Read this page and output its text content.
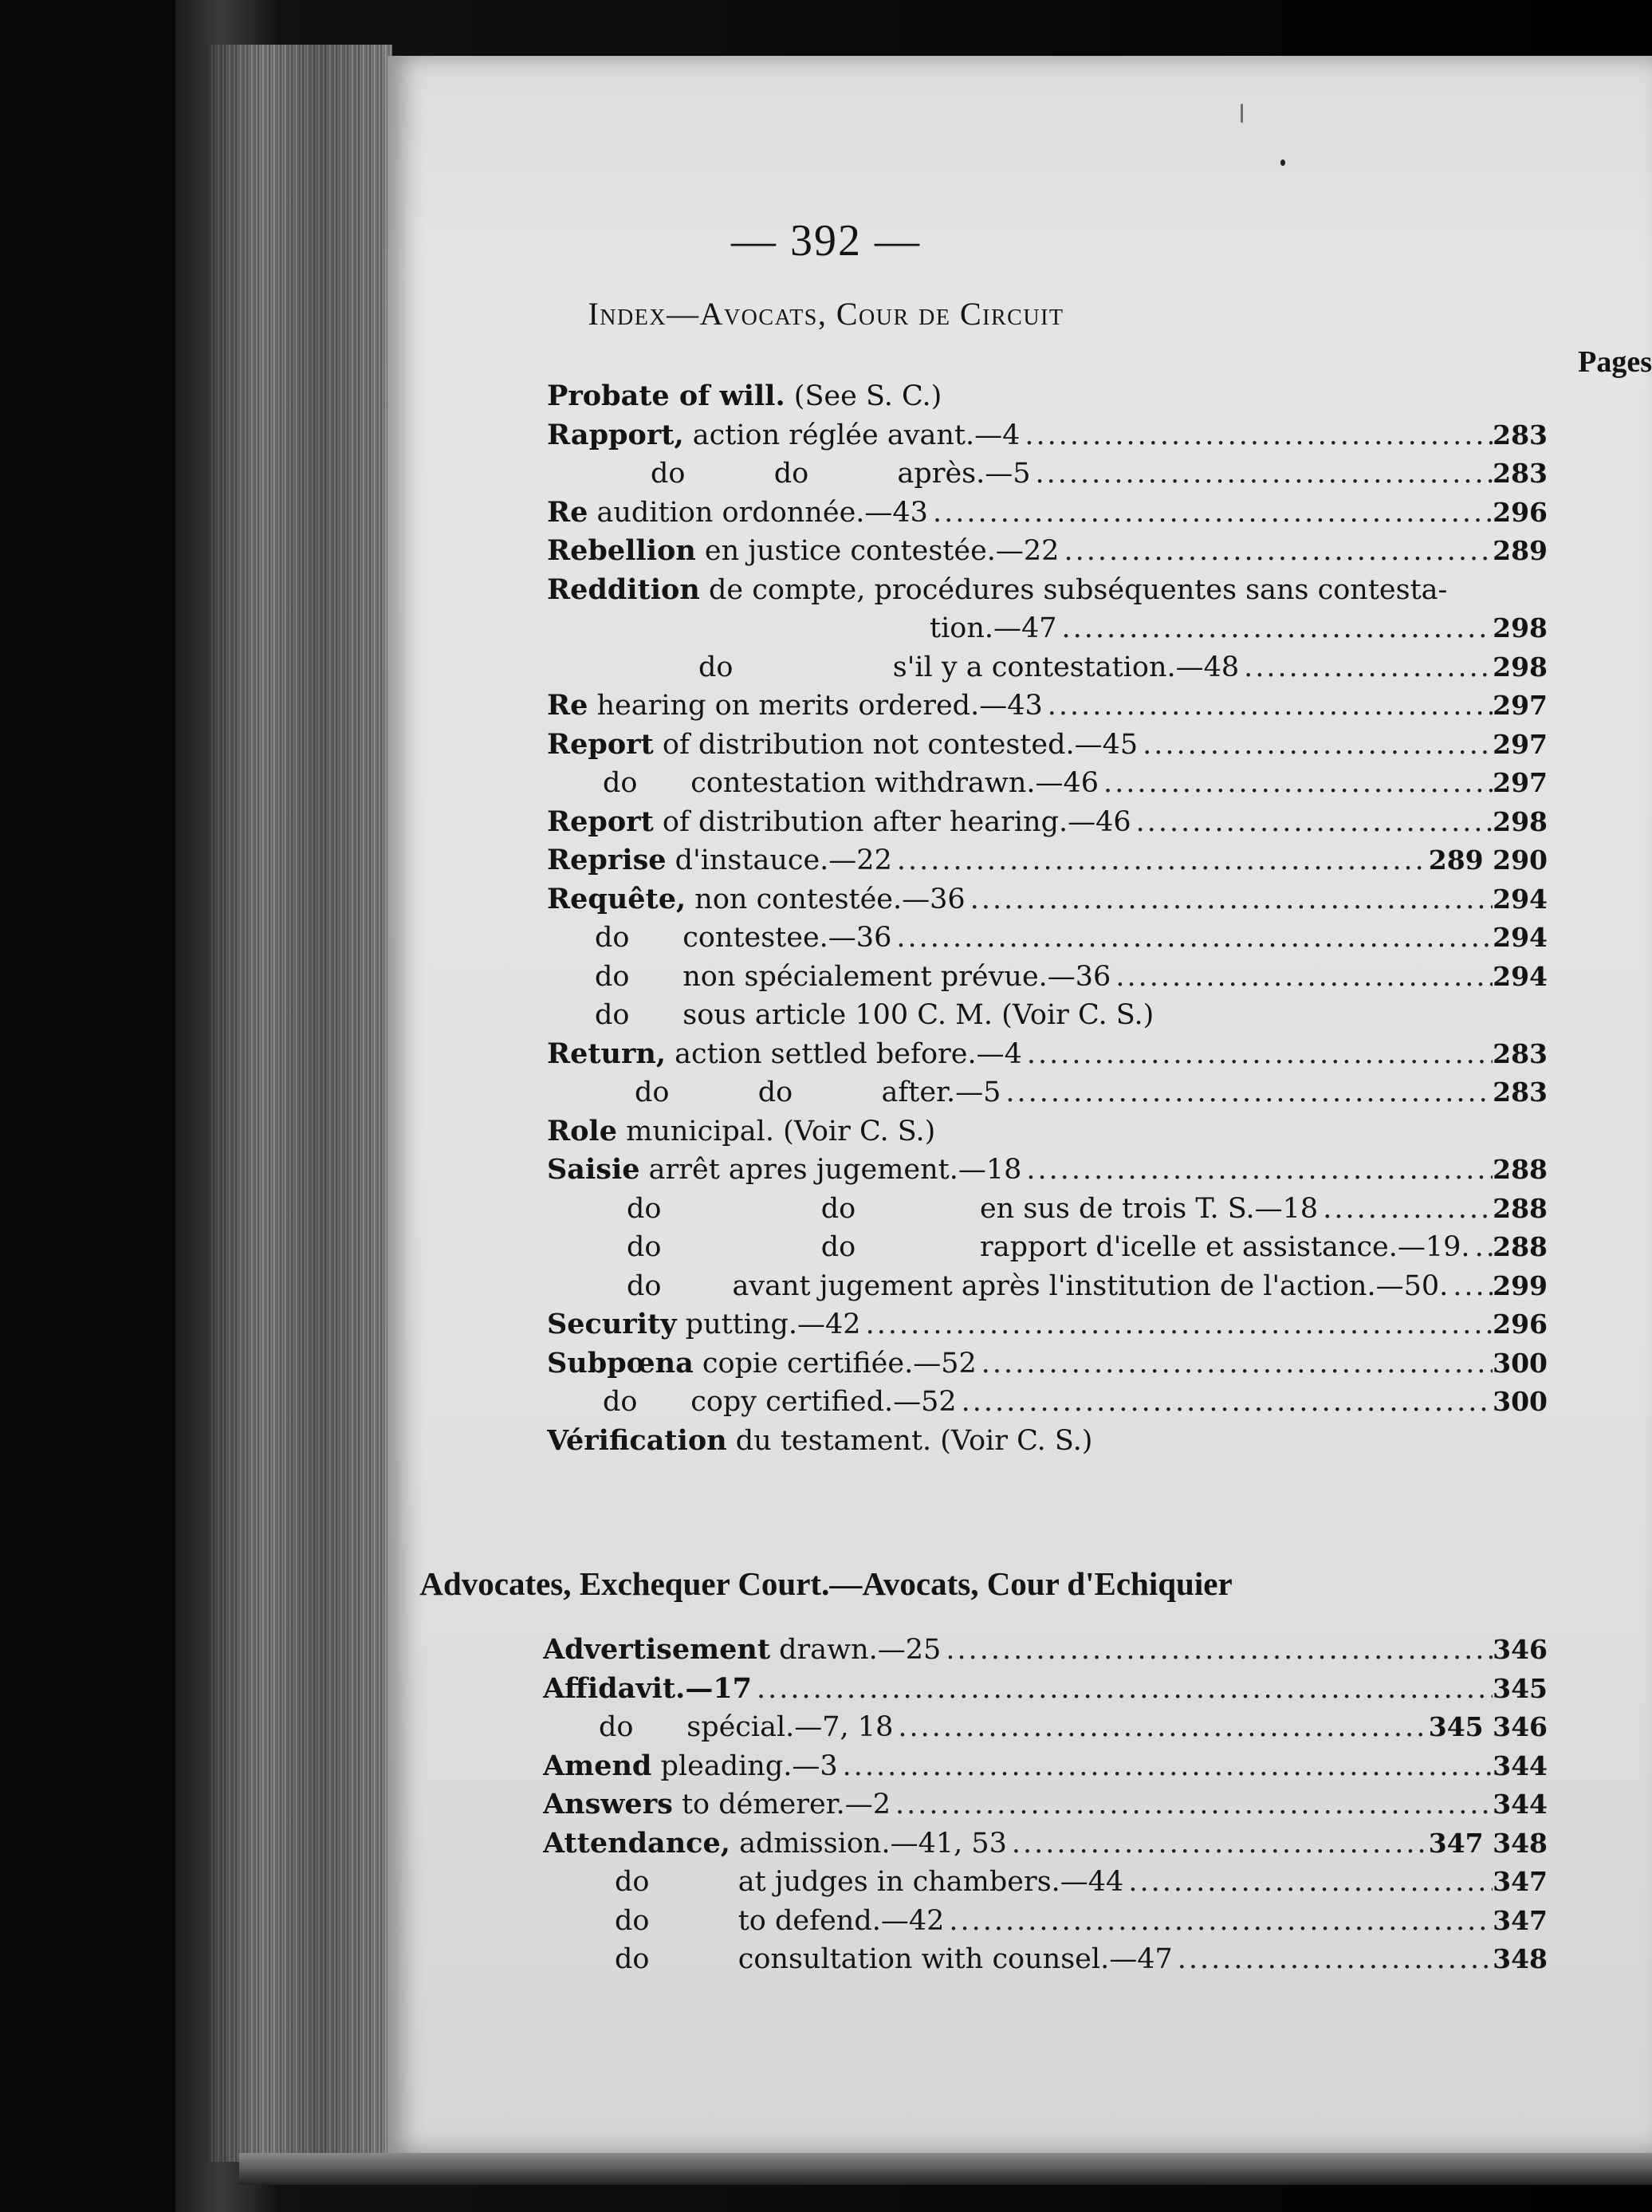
— 392 —
Index—Avocats, Cour de Circuit
Pages
Probate of will. (See S. C.)
Rapport, action réglée avant.—4 .....	283
do          do          après.—5 .....	283
Re audition ordonnée.—43 .....	296
Rebellion en justice contestée.—22 .....	289
Reddition de compte, procédures subséquentes sans contesta-
tion.—47 .....	298
do                  s'il y a contestation.—48 .....	298
Re hearing on merits ordered.—43 .....	297
Report of distribution not contested.—45 .....	297
do      contestation withdrawn.—46 .....	297
Report of distribution after hearing.—46 .....	298
Reprise d'instauce.—22 .....	289 290
Requête, non contestée.—36 .....	294
do      contestee.—36 .....	294
do      non spécialement prévue.—36 .....	294
do      sous article 100 C. M. (Voir C. S.)
Return, action settled before.—4 .....	283
do          do          after.—5 .....	283
Role municipal. (Voir C. S.)
Saisie arrêt apres jugement.—18 .....	288
do                  do              en sus de trois T. S.—18 .....	288
do                  do              rapport d'icelle et assistance.—19. ..... 288
do        avant jugement après l'institution de l'action.—50. ..... 299
Security putting.—42 .....	296
Subpœna copie certifiée.—52 .....	300
do      copy certified.—52 .....	300
Vérification du testament. (Voir C. S.)
Advocates, Exchequer Court.—Avocats, Cour d'Echiquier
Advertisement drawn.—25 .....	346
Affidavit.—17 .....	345
do      spécial.—7, 18 .....	345 346
Amend pleading.—3 .....	344
Answers to démerer.—2 .....	344
Attendance, admission.—41, 53 .....	347 348
do          at judges in chambers.—44 .....	347
do          to defend.—42 .....	347
do          consultation with counsel.—47 .....	348
